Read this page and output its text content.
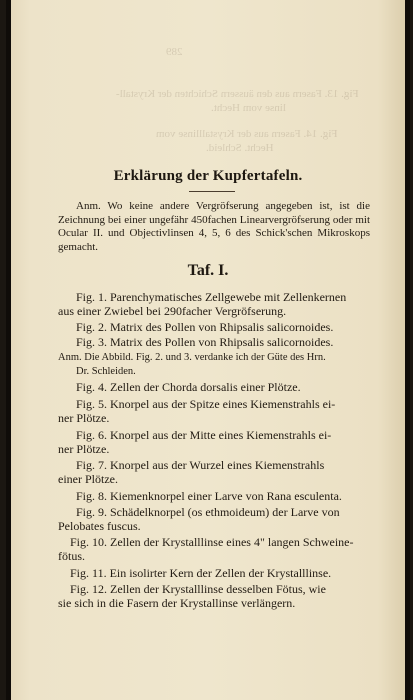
289
Fig. 13. Fasern aus den äussern Schichten der Krystall-
linse vom Hecht.
Fig. 14. Fasern aus der Krystalllinse vom
Hecht. Schleid.
Erklärung der Kupfertafeln.
Anm. Wo keine andere Vergröfserung angegeben ist, ist die Zeichnung bei einer ungefähr 450fachen Linearvergröfserung oder mit Ocular II. und Objectivlinsen 4, 5, 6 des Schick'schen Mikroskops gemacht.
Taf. I.
Fig. 1. Parenchymatisches Zellgewebe mit Zellenkernen
aus einer Zwiebel bei 290facher Vergröfserung.
Fig. 2. Matrix des Pollen von Rhipsalis salicornoides.
Fig. 3. Matrix des Pollen von Rhipsalis salicornoides.
Anm. Die Abbild. Fig. 2. und 3. verdanke ich der Güte des Hrn.
Dr. Schleiden.
Fig. 4. Zellen der Chorda dorsalis einer Plötze.
Fig. 5. Knorpel aus der Spitze eines Kiemenstrahls ei-
ner Plötze.
Fig. 6. Knorpel aus der Mitte eines Kiemenstrahls ei-
ner Plötze.
Fig. 7. Knorpel aus der Wurzel eines Kiemenstrahls
einer Plötze.
Fig. 8. Kiemenknorpel einer Larve von Rana esculenta.
Fig. 9. Schädelknorpel (os ethmoideum) der Larve von
Pelobates fuscus.
Fig. 10. Zellen der Krystalllinse eines 4" langen Schweine-
fötus.
Fig. 11. Ein isolirter Kern der Zellen der Krystalllinse.
Fig. 12. Zellen der Krystalllinse desselben Fötus, wie
sie sich in die Fasern der Krystallinse verlängern.
